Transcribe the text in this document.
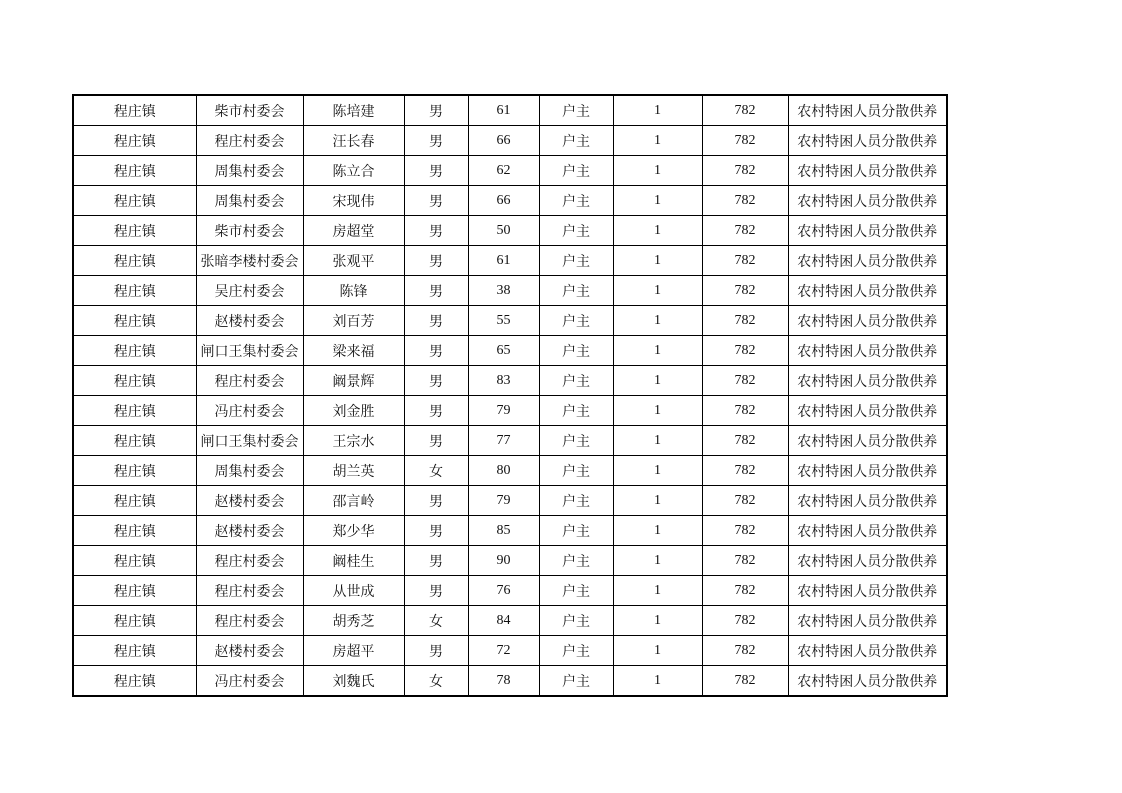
程庄镇	柴市村委会	陈培建	男	61	户主	1	782	农村特困人员分散供养
程庄镇	程庄村委会	汪长春	男	66	户主	1	782	农村特困人员分散供养
程庄镇	周集村委会	陈立合	男	62	户主	1	782	农村特困人员分散供养
程庄镇	周集村委会	宋现伟	男	66	户主	1	782	农村特困人员分散供养
程庄镇	柴市村委会	房超堂	男	50	户主	1	782	农村特困人员分散供养
程庄镇	张暗李楼村委会	张观平	男	61	户主	1	782	农村特困人员分散供养
程庄镇	吴庄村委会	陈锋	男	38	户主	1	782	农村特困人员分散供养
程庄镇	赵楼村委会	刘百芳	男	55	户主	1	782	农村特困人员分散供养
程庄镇	闸口王集村委会	梁来福	男	65	户主	1	782	农村特困人员分散供养
程庄镇	程庄村委会	阚景辉	男	83	户主	1	782	农村特困人员分散供养
程庄镇	冯庄村委会	刘金胜	男	79	户主	1	782	农村特困人员分散供养
程庄镇	闸口王集村委会	王宗水	男	77	户主	1	782	农村特困人员分散供养
程庄镇	周集村委会	胡兰英	女	80	户主	1	782	农村特困人员分散供养
程庄镇	赵楼村委会	邵言岭	男	79	户主	1	782	农村特困人员分散供养
程庄镇	赵楼村委会	郑少华	男	85	户主	1	782	农村特困人员分散供养
程庄镇	程庄村委会	阚桂生	男	90	户主	1	782	农村特困人员分散供养
程庄镇	程庄村委会	从世成	男	76	户主	1	782	农村特困人员分散供养
程庄镇	程庄村委会	胡秀芝	女	84	户主	1	782	农村特困人员分散供养
程庄镇	赵楼村委会	房超平	男	72	户主	1	782	农村特困人员分散供养
程庄镇	冯庄村委会	刘魏氏	女	78	户主	1	782	农村特困人员分散供养
